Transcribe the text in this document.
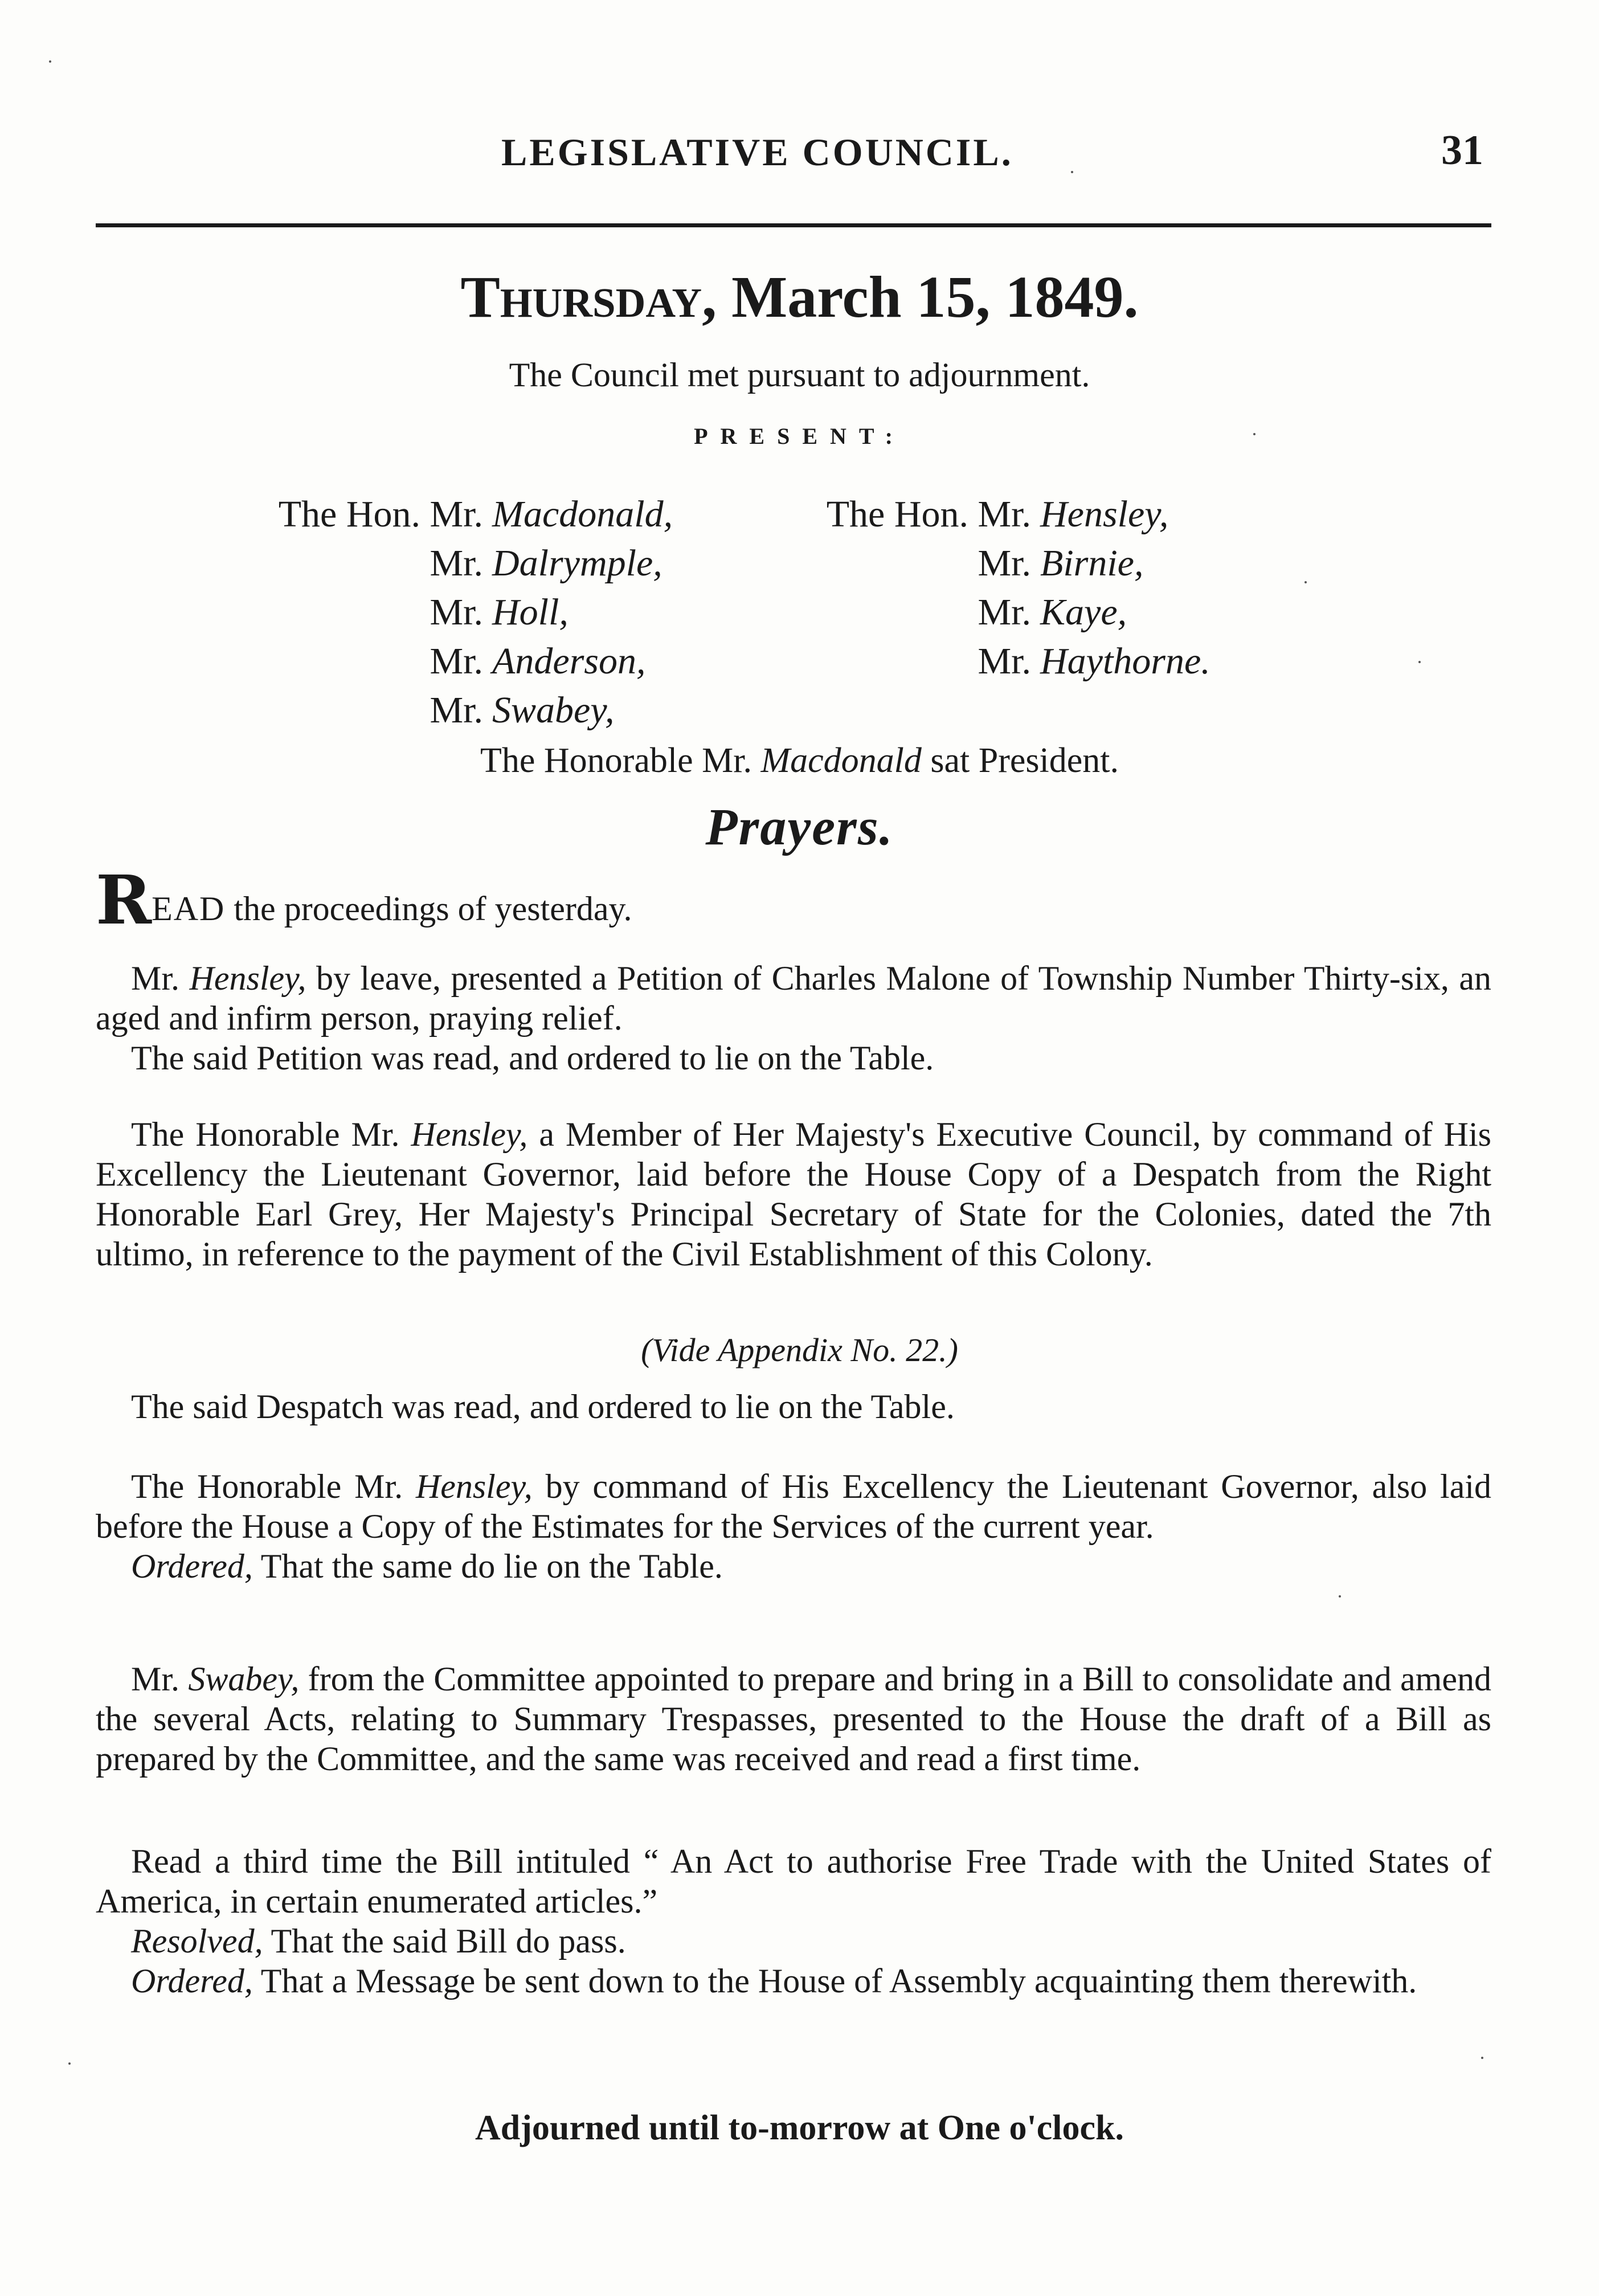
LEGISLATIVE COUNCIL.	31
Thursday, March 15, 1849.
The Council met pursuant to adjournment.
PRESENT:
The Hon. Mr. Macdonald,
Mr. Dalrymple,
Mr. Holl,
Mr. Anderson,
Mr. Swabey,
The Hon. Mr. Hensley,
Mr. Birnie,
Mr. Kaye,
Mr. Haythorne.
The Honorable Mr. Macdonald sat President.
Prayers.
READ the proceedings of yesterday.
Mr. Hensley, by leave, presented a Petition of Charles Malone of Township Number Thirty-six, an aged and infirm person, praying relief.
The said Petition was read, and ordered to lie on the Table.
The Honorable Mr. Hensley, a Member of Her Majesty's Executive Council, by command of His Excellency the Lieutenant Governor, laid before the House Copy of a Despatch from the Right Honorable Earl Grey, Her Majesty's Principal Secretary of State for the Colonies, dated the 7th ultimo, in reference to the payment of the Civil Establishment of this Colony.
(Vide Appendix No. 22.)
The said Despatch was read, and ordered to lie on the Table.
The Honorable Mr. Hensley, by command of His Excellency the Lieutenant Governor, also laid before the House a Copy of the Estimates for the Services of the current year.
Ordered, That the same do lie on the Table.
Mr. Swabey, from the Committee appointed to prepare and bring in a Bill to consolidate and amend the several Acts, relating to Summary Trespasses, presented to the House the draft of a Bill as prepared by the Committee, and the same was received and read a first time.
Read a third time the Bill intituled “ An Act to authorise Free Trade with the United States of America, in certain enumerated articles.”
Resolved, That the said Bill do pass.
Ordered, That a Message be sent down to the House of Assembly acquainting them therewith.
Adjourned until to-morrow at One o'clock.
